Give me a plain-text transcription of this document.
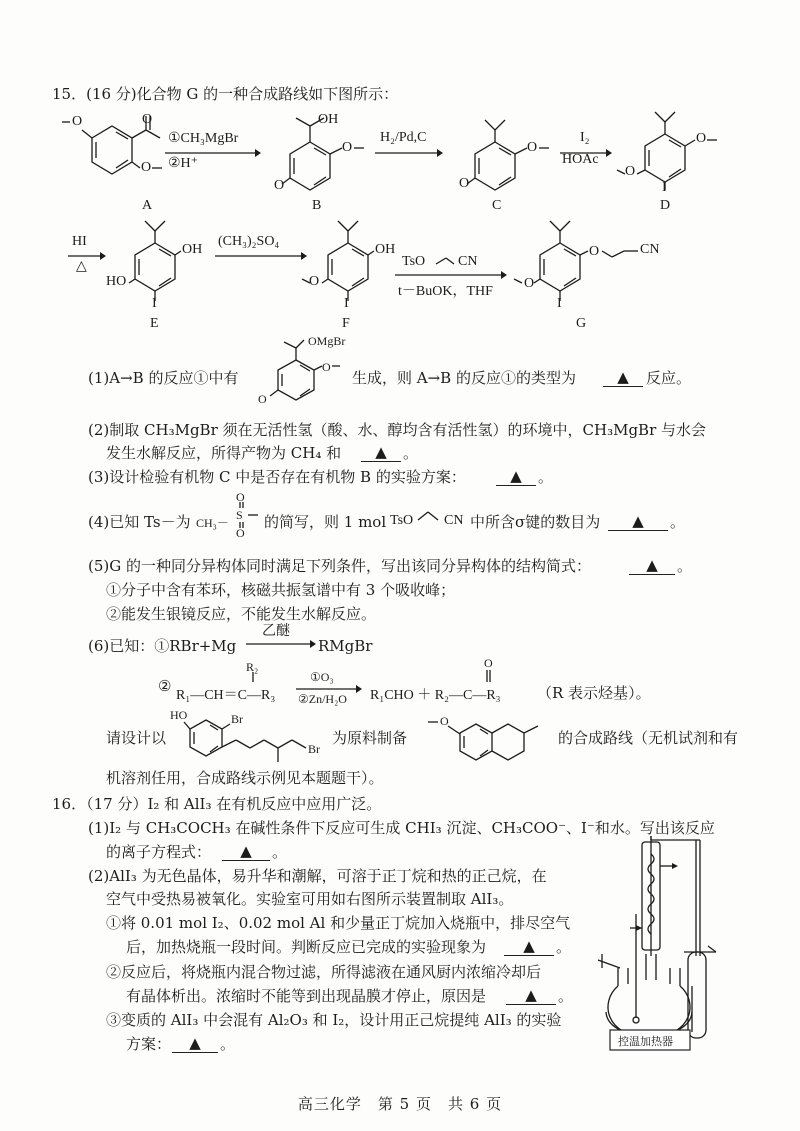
15．(16 分)化合物 G 的一种合成路线如下图所示：
O
O
O
A
①CH₃MgBr
②H⁺
OH
O
O
B
H₂/Pd,C
O
O
C
I₂
HOAc
O
O
I
D
HI
△
OH
HO
I
E
(CH₃)₂SO₄
OH
O
I
F
TsO CN
t－BuOK，THF
O	CN
O
I
G
(1)A→B 的反应①中有
OMgBr
O
O
生成，则 A→B 的反应①的类型为	▲	反应。
(2)制取 CH₃MgBr 须在无活性氢（酸、水、醇均含有活性氢）的环境中，CH₃MgBr 与水会
发生水解反应，所得产物为 CH₄ 和	▲	。
(3)设计检验有机物 C 中是否存在有机物 B 的实验方案：	▲	。
(4)已知 Ts－为 CH₃－
O
S
O
的简写，则 1 mol TsO CN 中所含σ键的数目为	▲	。
(5)G 的一种同分异构体同时满足下列条件，写出该同分异构体的结构简式：	▲	。
①分子中含有苯环，核磁共振氢谱中有 3 个吸收峰；
②能发生银镜反应，不能发生水解反应。
(6)已知：①RBr+Mg
乙醚
RMgBr
②
R₂
R₁—CH＝C—R₃
①O₃
②Zn/H₂O
O
R₁CHO ＋ R₂—C—R₃ （R 表示烃基）。
请设计以
HO	Br
Br
为原料制备
O
的合成路线（无机试剂和有
机溶剂任用，合成路线示例见本题题干）。
16．（17 分）I₂ 和 AlI₃ 在有机反应中应用广泛。
(1)I₂ 与 CH₃COCH₃ 在碱性条件下反应可生成 CHI₃ 沉淀、CH₃COO⁻、I⁻和水。写出该反应
的离子方程式：	▲	。
(2)AlI₃ 为无色晶体，易升华和潮解，可溶于正丁烷和热的正己烷，在
空气中受热易被氧化。实验室可用如右图所示装置制取 AlI₃。
①将 0.01 mol I₂、0.02 mol Al 和少量正丁烷加入烧瓶中，排尽空气
后，加热烧瓶一段时间。判断反应已完成的实验现象为	▲	。
②反应后，将烧瓶内混合物过滤，所得滤液在通风厨内浓缩冷却后
有晶体析出。浓缩时不能等到出现晶膜才停止，原因是	▲	。
③变质的 AlI₃ 中会混有 Al₂O₃ 和 I₂，设计用正己烷提纯 AlI₃ 的实验
方案：	▲	。	控温加热器
高三化学　第 5 页　共 6 页
